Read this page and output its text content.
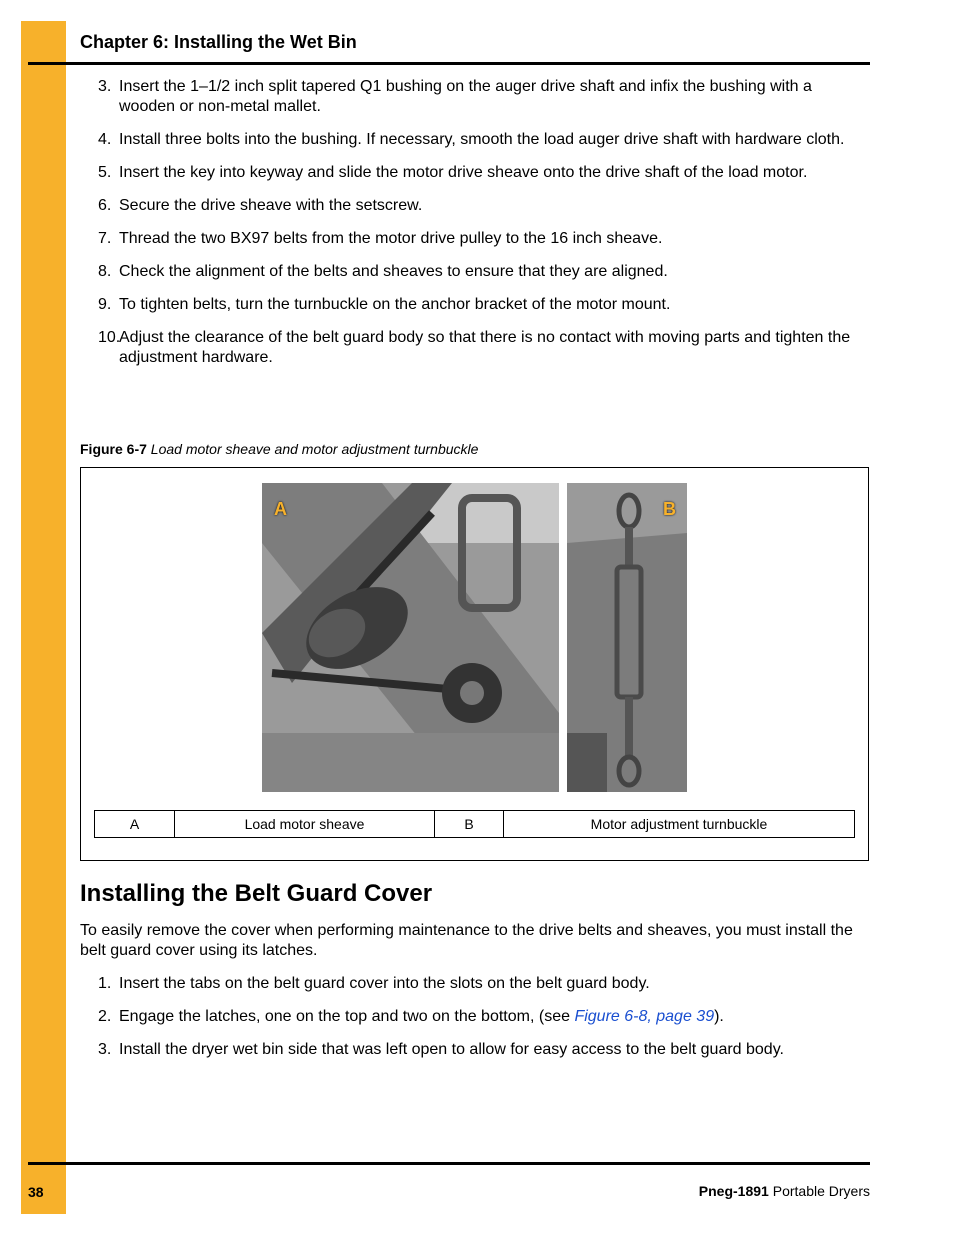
Chapter 6: Installing the Wet Bin
3. Insert the 1–1/2 inch split tapered Q1 bushing on the auger drive shaft and infix the bushing with a wooden or non-metal mallet.
4. Install three bolts into the bushing. If necessary, smooth the load auger drive shaft with hardware cloth.
5. Insert the key into keyway and slide the motor drive sheave onto the drive shaft of the load motor.
6. Secure the drive sheave with the setscrew.
7. Thread the two BX97 belts from the motor drive pulley to the 16 inch sheave.
8. Check the alignment of the belts and sheaves to ensure that they are aligned.
9. To tighten belts, turn the turnbuckle on the anchor bracket of the motor mount.
10.
Adjust the clearance of the belt guard body so that there is no contact with moving parts and tighten the adjustment hardware.
Figure 6-7 Load motor sheave and motor adjustment turnbuckle
A	B
A	Load motor sheave	B	Motor adjustment turnbuckle
Installing the Belt Guard Cover

To easily remove the cover when performing maintenance to the drive belts and sheaves, you must install the belt guard cover using its latches.

1. Insert the tabs on the belt guard cover into the slots on the belt guard body.
2. Engage the latches, one on the top and two on the bottom, (see Figure 6-8, page 39).
3. Install the dryer wet bin side that was left open to allow for easy access to the belt guard body.
38	Pneg-1891 Portable Dryers
